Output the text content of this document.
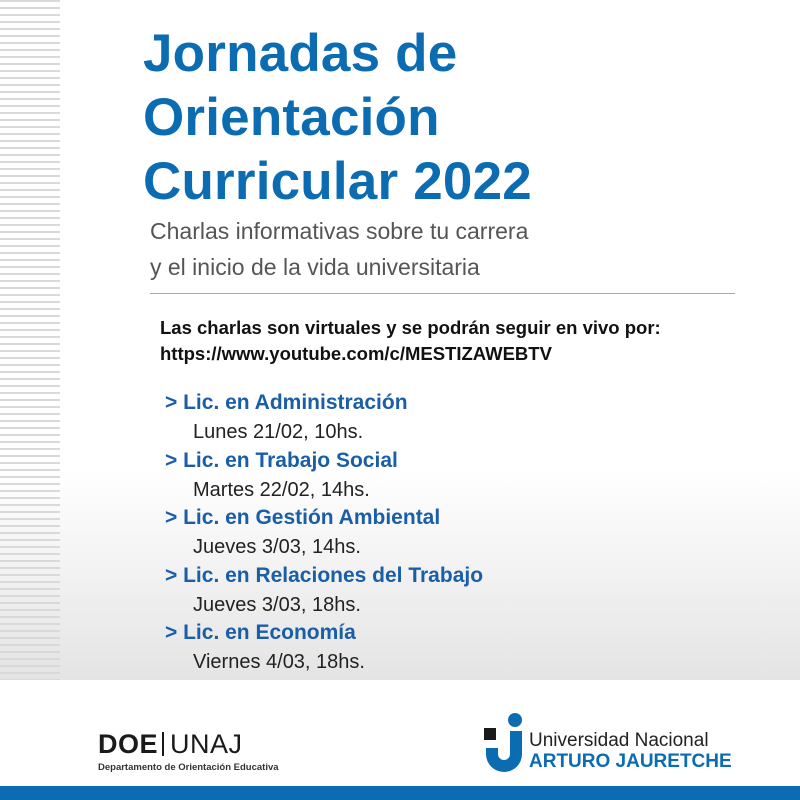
Jornadas de
Orientación
Curricular 2022
Charlas informativas sobre tu carrera
y el inicio de la vida universitaria
Las charlas son virtuales y se podrán seguir en vivo por:
https://www.youtube.com/c/MESTIZAWEBTV
> Lic. en Administración
Lunes 21/02, 10hs.
> Lic. en Trabajo Social
Martes 22/02, 14hs.
> Lic. en Gestión Ambiental
Jueves 3/03, 14hs.
> Lic. en Relaciones del Trabajo
Jueves 3/03, 18hs.
> Lic. en Economía
Viernes 4/03, 18hs.
DOE UNAJ
Departamento de Orientación Educativa
Universidad Nacional
ARTURO JAURETCHE
